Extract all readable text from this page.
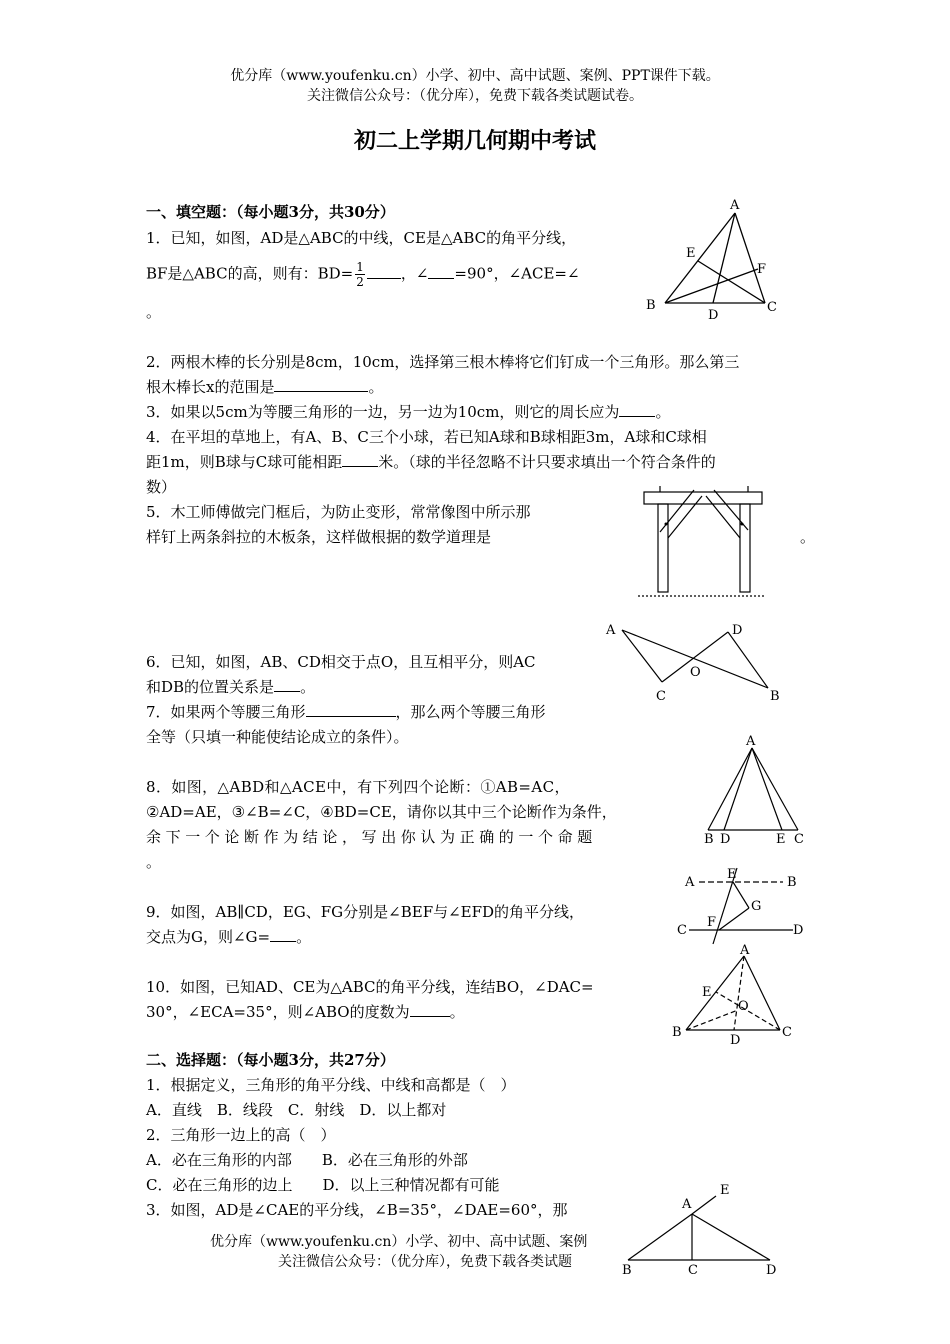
优分库（www.youfenku.cn）小学、初中、高中试题、案例、PPT课件下载。
关注微信公众号：（优分库），免费下载各类试题试卷。
初二上学期几何期中考试
一、填空题：（每小题3分，共30分）
1．已知，如图，AD是△ABC的中线，CE是△ABC的角平分线，
BF是△ABC的高，则有：$BD= \frac{1}{2}$ ，∠ =90°，∠ACE=∠
。
2．两根木棒的长分别是8cm，10cm，选择第三根木棒将它们钉成一个三角形。那么第三
根木棒长x的范围是	。
3．如果以5cm为等腰三角形的一边，另一边为10cm，则它的周长应为 。
4．在平坦的草地上，有A、B、C三个小球，若已知A球和B球相距3m，A球和C球相
距1m，则B球与C球可能相距 米。（球的半径忽略不计只要求填出一个符合条件的
数）
5．木工师傅做完门框后，为防止变形，常常像图中所示那
样钉上两条斜拉的木板条，这样做根据的数学道理是	。
6．已知，如图，AB、CD相交于点O，且互相平分，则AC
和DB的位置关系是 。
7．如果两个等腰三角形	，那么两个等腰三角形
全等（只填一种能使结论成立的条件）。
8．如图，△ABD和△ACE中，有下列四个论断：①AB=AC，
②AD=AE，③∠B=∠C，④BD=CE，请你以其中三个论断作为条件，
余下一个论断作为结论，写出你认为正确的一个命题
。
9．如图，AB∥CD，EG、FG分别是∠BEF与∠EFD的角平分线，
交点为G，则∠G= 。
10．如图，已知AD、CE为△ABC的角平分线，连结BO，∠DAC=
30°，∠ECA=35°，则∠ABO的度数为	。
二、选择题：（每小题3分，共27分）
1．根据定义，三角形的角平分线、中线和高都是（　）
A．直线　B．线段　C．射线　D．以上都对
2．三角形一边上的高（　）
A．必在三角形的内部　　B．必在三角形的外部
C．必在三角形的边上　　D．以上三种情况都有可能
3．如图，AD是∠CAE的平分线，∠B=35°，∠DAE=60°，那
优分库（www.youfenku.cn）小学、初中、高中试题、案例
关注微信公众号：（优分库），免费下载各类试题
A
E
F
B
D
C
A	D
O
C	B
A
B D	E C
A
E
B
G
C
F
D
A
E
O
B
D
C
A
E
B	C	D
